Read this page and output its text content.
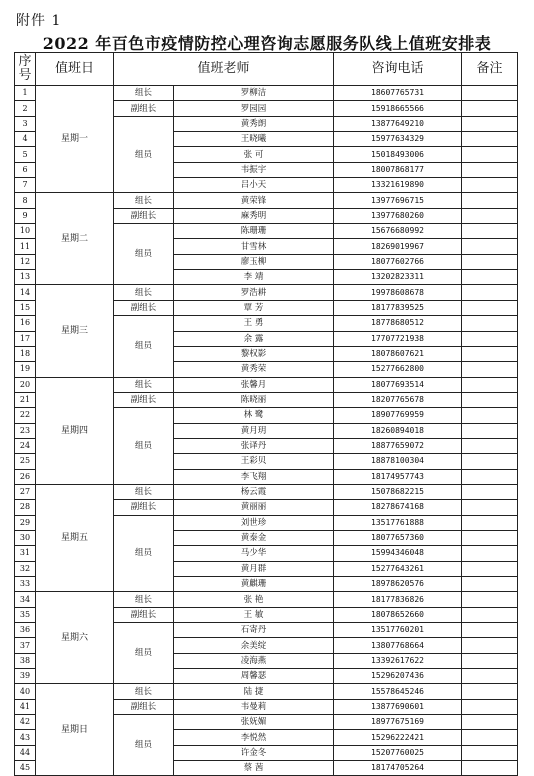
附件 1
2022 年百色市疫情防控心理咨询志愿服务队线上值班安排表
序号	值班日	值班老师		咨询电话	备注
1	星期一	组长	罗柳洁	18607765731	
2		副组长	罗园园	15918665566	
3		组员	黄秀朗	13877649210	
4			王晓曦	15977634329	
5			张 可	15018493006	
6			韦振宇	18007868177	
7			吕小天	13321619890	
8	星期二	组长	黄荣锋	13977696715	
9		副组长	麻秀明	13977680260	
10		组员	陈珊珊	15676680992	
11			甘雪林	18269019967	
12			廖玉柳	18077602766	
13			李 靖	13202823311	
14	星期三	组长	罗浩耕	19978608678	
15		副组长	覃 芳	18177839525	
16		组员	王 勇	18778680512	
17			余 露	17707721938	
18			黎权影	18078607621	
19			黄秀荣	15277662800	
20	星期四	组长	张馨月	18077693514	
21		副组长	陈晓丽	18207765678	
22		组员	林 鹭	18907769959	
23			黄月玥	18260894018	
24			张译丹	18877659072	
25			王彩贝	18878100304	
26			李飞翔	18174957743	
27	星期五	组长	杨云霞	15078682215	
28		副组长	黄丽丽	18278674168	
29		组员	刘世珍	13517761888	
30			黄泰金	18077657360	
31			马少华	15994346048	
32			黄月群	15277643261	
33			黄麒珊	18978620576	
34	星期六	组长	张 艳	18177836826	
35		副组长	王 敏	18078652660	
36		组员	石寄丹	13517760201	
37			余美绽	13807768664	
38			凌海燕	13392617622	
39			周馨瑟	15296207436	
40	星期日	组长	陆 捷	15578645246	
41		副组长	韦曼莉	13877690601	
42		组员	张妩媚	18977675169	
43			李悦然	15296222421	
44			许金冬	15207760025	
45			蔡 茜	18174705264	
